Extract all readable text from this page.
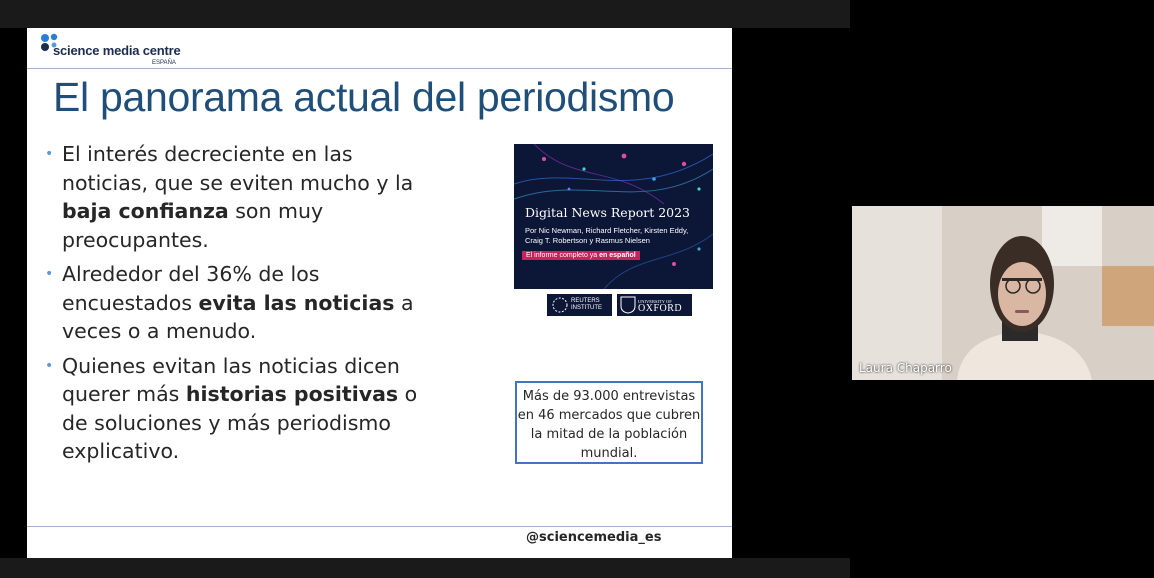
science media centre
ESPAÑA
El panorama actual del periodismo
• El interés decreciente en las noticias, que se eviten mucho y la baja confianza son muy preocupantes.
• Alrededor del 36% de los encuestados evita las noticias a veces o a menudo.
• Quienes evitan las noticias dicen querer más historias positivas o de soluciones y más periodismo explicativo.
Digital News Report 2023
Por Nic Newman, Richard Fletcher, Kirsten Eddy, Craig T. Robertson y Rasmus Nielsen
El informe completo ya en español
REUTERS INSTITUTE
UNIVERSITY OF
OXFORD
Más de 93.000 entrevistas en 46 mercados que cubren la mitad de la población mundial.
@sciencemedia_es
Laura Chaparro
